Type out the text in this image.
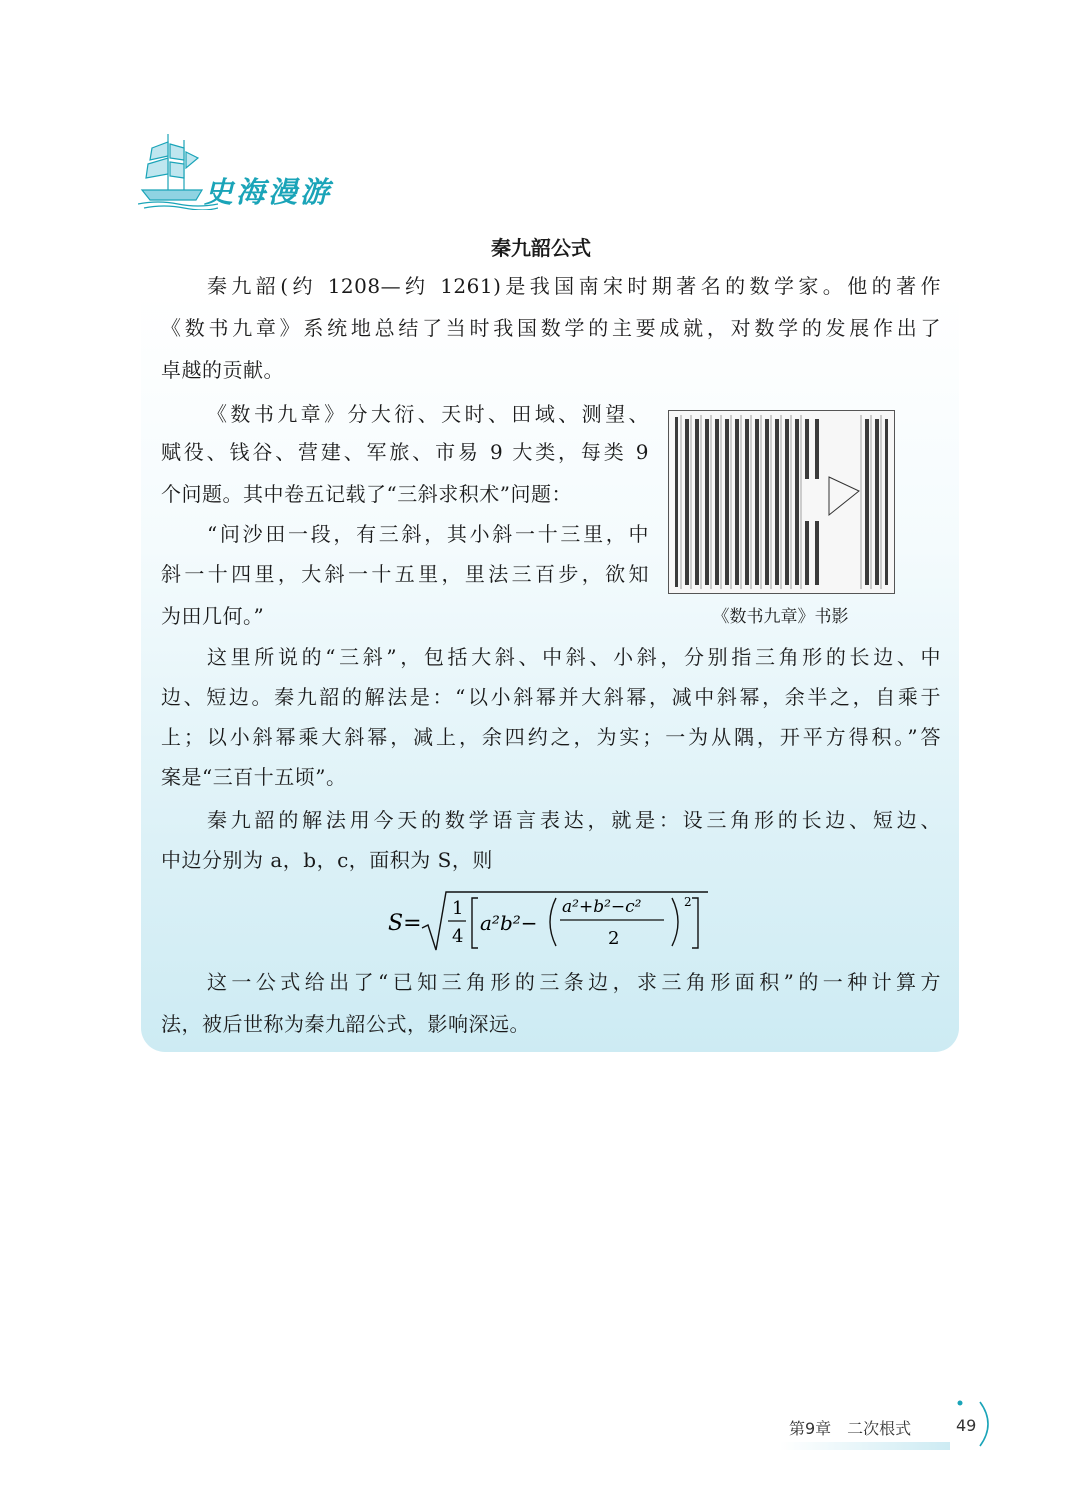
史海漫游
秦九韶公式
秦九韶(约 1208—约 1261)是我国南宋时期著名的数学家。他的著作
《数书九章》系统地总结了当时我国数学的主要成就，对数学的发展作出了
卓越的贡献。
《数书九章》分大衍、天时、田域、测望、
赋役、钱谷、营建、军旅、市易 9 大类，每类 9
个问题。其中卷五记载了“三斜求积术”问题：
“问沙田一段，有三斜，其小斜一十三里，中
斜一十四里，大斜一十五里，里法三百步，欲知
为田几何。”	《数书九章》书影
这里所说的“三斜”，包括大斜、中斜、小斜，分别指三角形的长边、中
边、短边。秦九韶的解法是：“以小斜幂并大斜幂，减中斜幂，余半之，自乘于
上；以小斜幂乘大斜幂，减上，余四约之，为实；一为从隅，开平方得积。”答
案是“三百十五顷”。
秦九韶的解法用今天的数学语言表达，就是：设三角形的长边、短边、
中边分别为 a，b，c，面积为 S，则
S=
1
4
a²b²−
a²+b²−c²
2
2
这一公式给出了“已知三角形的三条边，求三角形面积”的一种计算方
法，被后世称为秦九韶公式，影响深远。
第9章　二次根式	49
